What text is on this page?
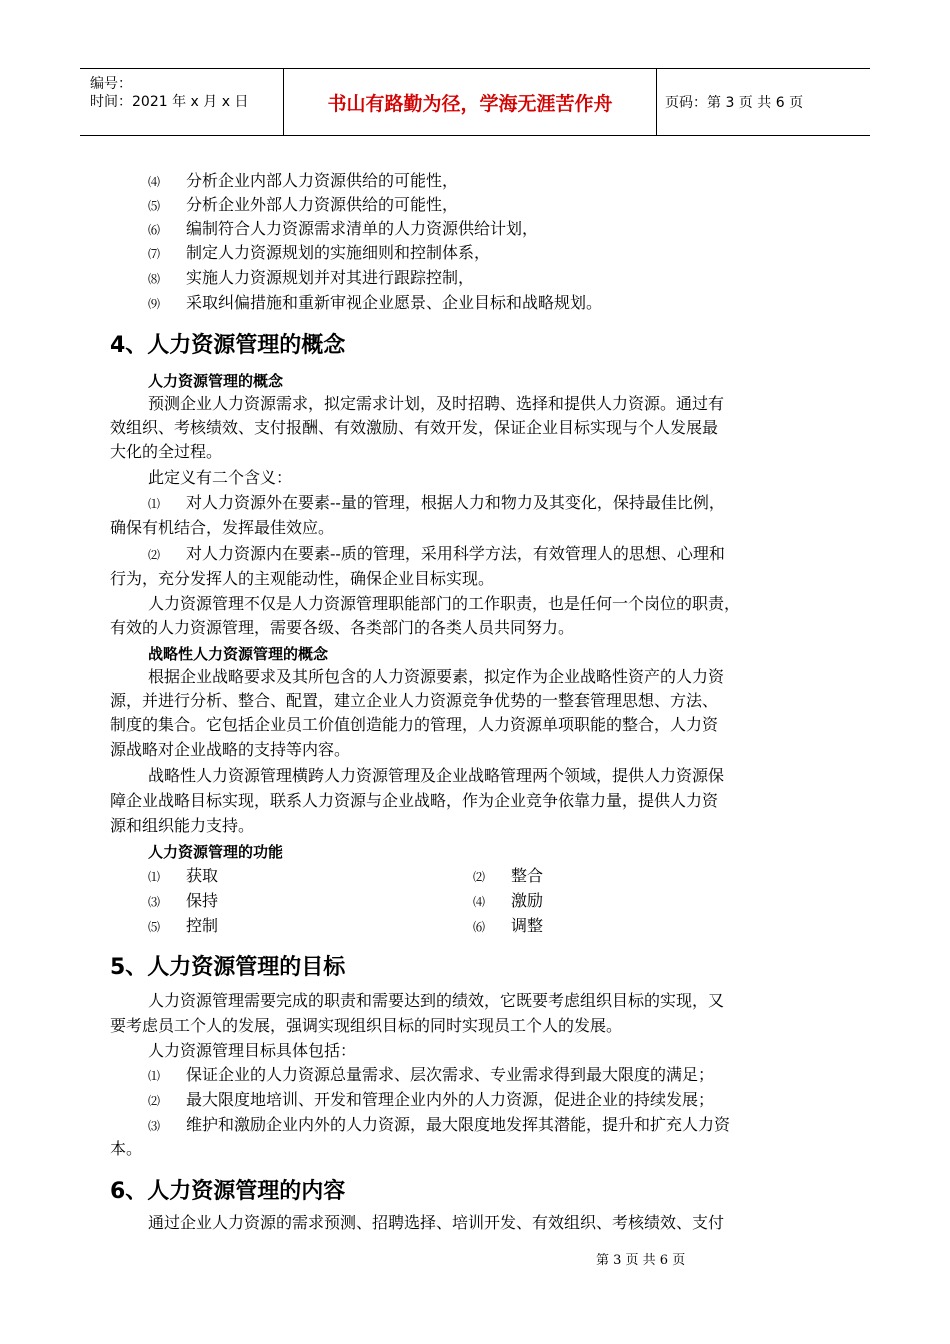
编号：
时间：2021 年 x 月 x 日	书山有路勤为径，学海无涯苦作舟	页码：第 3 页 共 6 页
⑷ 分析企业内部人力资源供给的可能性，
⑸ 分析企业外部人力资源供给的可能性，
⑹ 编制符合人力资源需求清单的人力资源供给计划，
⑺ 制定人力资源规划的实施细则和控制体系，
⑻ 实施人力资源规划并对其进行跟踪控制，
⑼ 采取纠偏措施和重新审视企业愿景、企业目标和战略规划。
4、人力资源管理的概念
人力资源管理的概念
预测企业人力资源需求，拟定需求计划，及时招聘、选择和提供人力资源。通过有
效组织、考核绩效、支付报酬、有效激励、有效开发，保证企业目标实现与个人发展最
大化的全过程。
此定义有二个含义：
⑴ 对人力资源外在要素--量的管理，根据人力和物力及其变化，保持最佳比例，
确保有机结合，发挥最佳效应。
⑵ 对人力资源内在要素--质的管理，采用科学方法，有效管理人的思想、心理和
行为，充分发挥人的主观能动性，确保企业目标实现。
人力资源管理不仅是人力资源管理职能部门的工作职责，也是任何一个岗位的职责，
有效的人力资源管理，需要各级、各类部门的各类人员共同努力。
战略性人力资源管理的概念
根据企业战略要求及其所包含的人力资源要素，拟定作为企业战略性资产的人力资
源，并进行分析、整合、配置，建立企业人力资源竞争优势的一整套管理思想、方法、
制度的集合。它包括企业员工价值创造能力的管理，人力资源单项职能的整合，人力资
源战略对企业战略的支持等内容。
战略性人力资源管理横跨人力资源管理及企业战略管理两个领域，提供人力资源保
障企业战略目标实现，联系人力资源与企业战略，作为企业竞争依靠力量，提供人力资
源和组织能力支持。
人力资源管理的功能
⑴ 获取	⑵ 整合
⑶ 保持	⑷ 激励
⑸ 控制	⑹ 调整
5、人力资源管理的目标
人力资源管理需要完成的职责和需要达到的绩效，它既要考虑组织目标的实现，又
要考虑员工个人的发展，强调实现组织目标的同时实现员工个人的发展。
人力资源管理目标具体包括：
⑴ 保证企业的人力资源总量需求、层次需求、专业需求得到最大限度的满足；
⑵ 最大限度地培训、开发和管理企业内外的人力资源，促进企业的持续发展；
⑶ 维护和激励企业内外的人力资源，最大限度地发挥其潜能，提升和扩充人力资
本。
6、人力资源管理的内容
通过企业人力资源的需求预测、招聘选择、培训开发、有效组织、考核绩效、支付
第 3 页 共 6 页
